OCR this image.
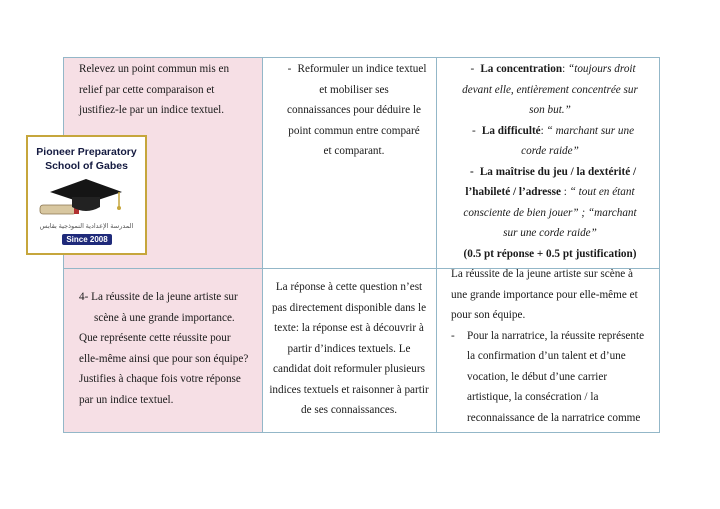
Relevez un point commun mis en
relief par cette comparaison et
justifiez-le par un indice textuel.
- Reformuler un indice textuel
et mobiliser ses
connaissances pour déduire le
point commun entre comparé
et comparant.
- La concentration: “toujours droit
devant elle, entièrement concentrée sur
son but.”
- La difficulté: “ marchant sur une
corde raide”
- La maîtrise du jeu / la dextérité /
l’habileté / l’adresse : “ tout en étant
consciente de bien jouer” ; “marchant
sur une corde raide”
(0.5 pt réponse + 0.5 pt justification)
4- La réussite de la jeune artiste sur
scène à une grande importance.
Que représente cette réussite pour
elle-même ainsi que pour son équipe?
Justifies à chaque fois votre réponse
par un indice textuel.
La réponse à cette question n’est
pas directement disponible dans le
texte: la réponse est à découvrir à
partir d’indices textuels. Le
candidat doit reformuler plusieurs
indices textuels et raisonner à partir
de ses connaissances.
La réussite de la jeune artiste sur scène à
une grande importance pour elle-même et
pour son équipe.
- Pour la narratrice, la réussite représente
la confirmation d’un talent et d’une
vocation, le début d’une carrier
artistique, la consécration / la
reconnaissance de la narratrice comme
Pioneer Preparatory
School of Gabes
المدرسة الإعدادية النموذجية بقابس
Since 2008
